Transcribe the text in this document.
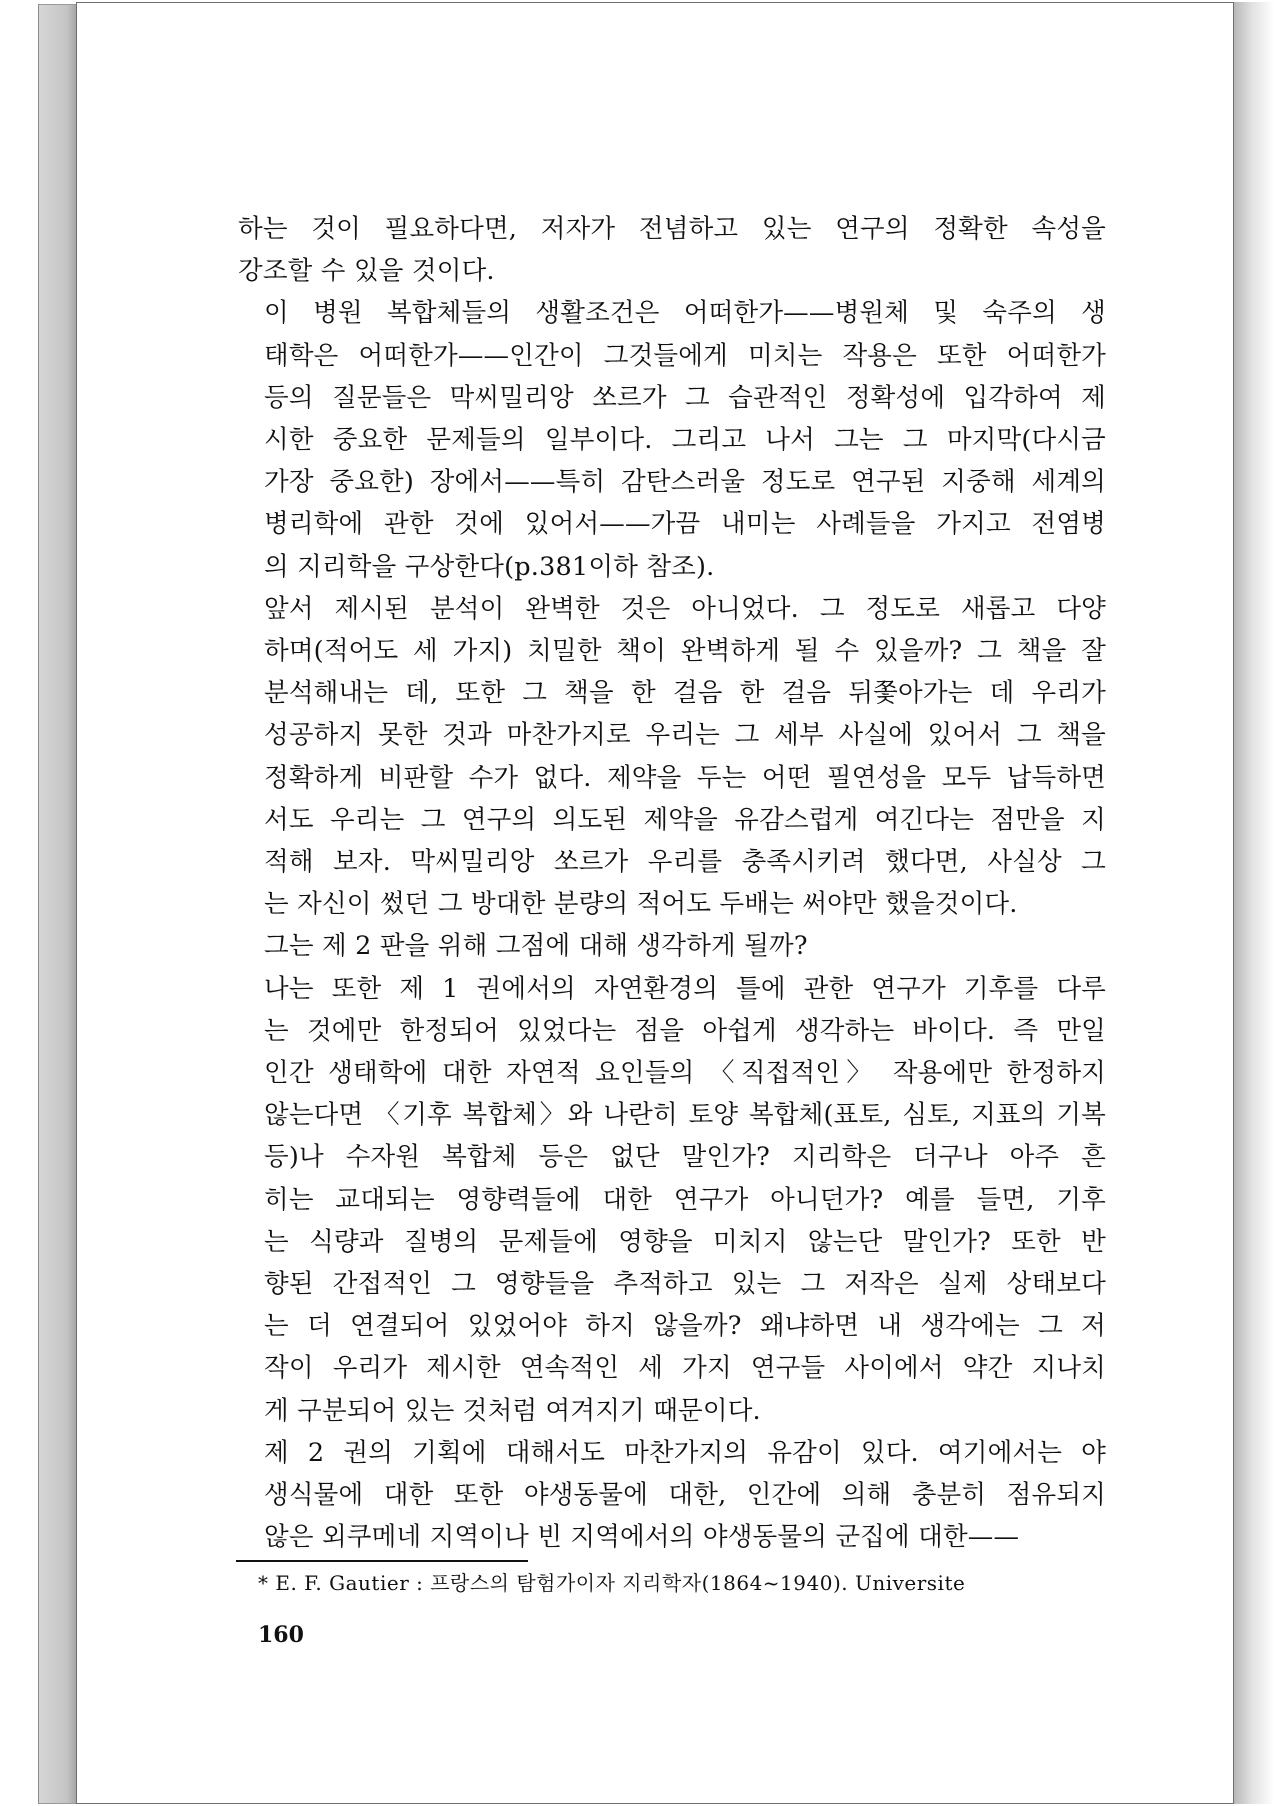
하는 것이 필요하다면, 저자가 전념하고 있는 연구의 정확한 속성을
강조할 수 있을 것이다.
이 병원 복합체들의 생활조건은 어떠한가——병원체 및 숙주의 생
태학은 어떠한가——인간이 그것들에게 미치는 작용은 또한 어떠한가
등의 질문들은 막씨밀리앙 쏘르가 그 습관적인 정확성에 입각하여 제
시한 중요한 문제들의 일부이다. 그리고 나서 그는 그 마지막(다시금
가장 중요한) 장에서——특히 감탄스러울 정도로 연구된 지중해 세계의
병리학에 관한 것에 있어서——가끔 내미는 사례들을 가지고 전염병
의 지리학을 구상한다(p.381이하 참조).
앞서 제시된 분석이 완벽한 것은 아니었다. 그 정도로 새롭고 다양
하며(적어도 세 가지) 치밀한 책이 완벽하게 될 수 있을까? 그 책을 잘
분석해내는 데, 또한 그 책을 한 걸음 한 걸음 뒤쫓아가는 데 우리가
성공하지 못한 것과 마찬가지로 우리는 그 세부 사실에 있어서 그 책을
정확하게 비판할 수가 없다. 제약을 두는 어떤 필연성을 모두 납득하면
서도 우리는 그 연구의 의도된 제약을 유감스럽게 여긴다는 점만을 지
적해 보자. 막씨밀리앙 쏘르가 우리를 충족시키려 했다면, 사실상 그
는 자신이 썼던 그 방대한 분량의 적어도 두배는 써야만 했을것이다.
그는 제 2 판을 위해 그점에 대해 생각하게 될까?
나는 또한 제 1 권에서의 자연환경의 틀에 관한 연구가 기후를 다루
는 것에만 한정되어 있었다는 점을 아쉽게 생각하는 바이다. 즉 만일
인간 생태학에 대한 자연적 요인들의 〈직접적인〉 작용에만 한정하지
않는다면 〈기후 복합체〉와 나란히 토양 복합체(표토, 심토, 지표의 기복
등)나 수자원 복합체 등은 없단 말인가? 지리학은 더구나 아주 흔
히는 교대되는 영향력들에 대한 연구가 아니던가? 예를 들면, 기후
는 식량과 질병의 문제들에 영향을 미치지 않는단 말인가? 또한 반
향된 간접적인 그 영향들을 추적하고 있는 그 저작은 실제 상태보다
는 더 연결되어 있었어야 하지 않을까? 왜냐하면 내 생각에는 그 저
작이 우리가 제시한 연속적인 세 가지 연구들 사이에서 약간 지나치
게 구분되어 있는 것처럼 여겨지기 때문이다.
제 2 권의 기획에 대해서도 마찬가지의 유감이 있다. 여기에서는 야
생식물에 대한 또한 야생동물에 대한, 인간에 의해 충분히 점유되지
않은 외쿠메네 지역이나 빈 지역에서의 야생동물의 군집에 대한——
* E. F. Gautier : 프랑스의 탐험가이자 지리학자(1864~1940). Universite
160
